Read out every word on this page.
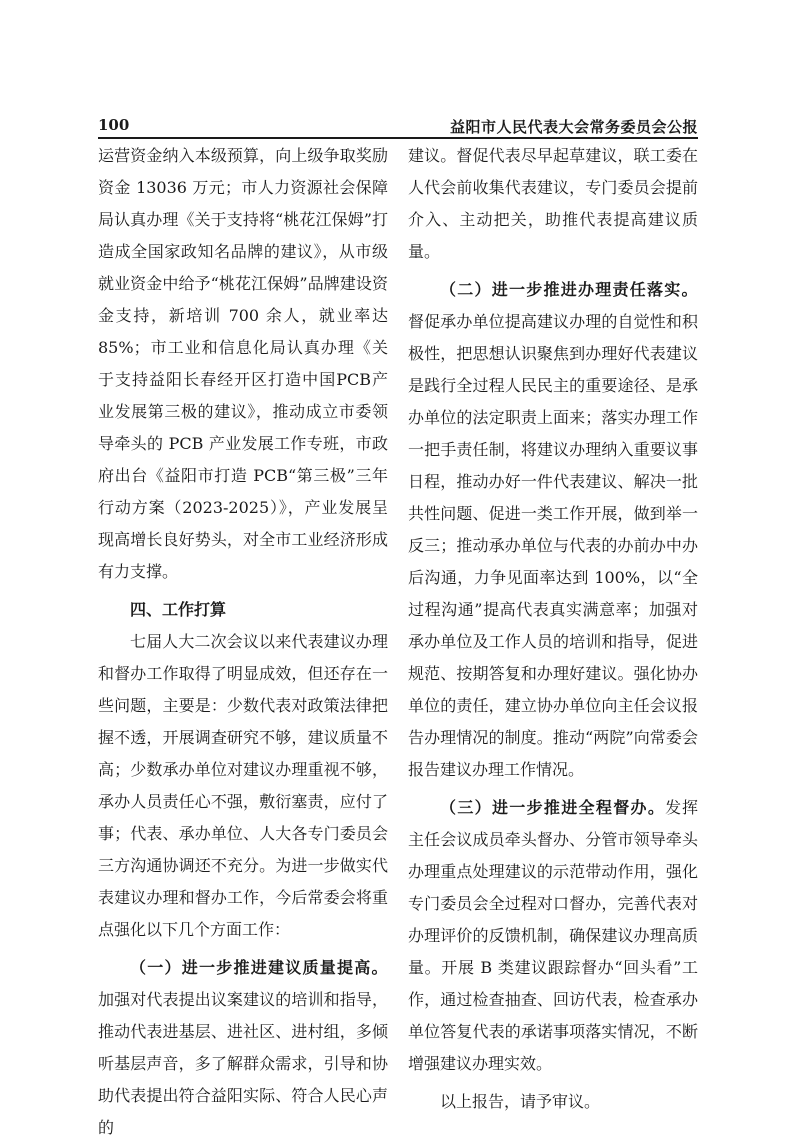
100	益阳市人民代表大会常务委员会公报

运营资金纳入本级预算，向上级争取奖励资金 13036 万元；市人力资源社会保障局认真办理《关于支持将“桃花江保姆”打造成全国家政知名品牌的建议》，从市级就业资金中给予“桃花江保姆”品牌建设资金支持，新培训 700 余人，就业率达 85%；市工业和信息化局认真办理《关于支持益阳长春经开区打造中国PCB产业发展第三极的建议》，推动成立市委领导牵头的 PCB 产业发展工作专班，市政府出台《益阳市打造 PCB“第三极”三年行动方案（2023-2025）》，产业发展呈现高增长良好势头，对全市工业经济形成有力支撑。

四、工作打算

七届人大二次会议以来代表建议办理和督办工作取得了明显成效，但还存在一些问题，主要是：少数代表对政策法律把握不透，开展调查研究不够，建议质量不高；少数承办单位对建议办理重视不够，承办人员责任心不强，敷衍塞责，应付了事；代表、承办单位、人大各专门委员会三方沟通协调还不充分。为进一步做实代表建议办理和督办工作，今后常委会将重点强化以下几个方面工作：

（一）进一步推进建议质量提高。加强对代表提出议案建议的培训和指导，推动代表进基层、进社区、进村组，多倾听基层声音，多了解群众需求，引导和协助代表提出符合益阳实际、符合人民心声的

建议。督促代表尽早起草建议，联工委在人代会前收集代表建议，专门委员会提前介入、主动把关，助推代表提高建议质量。

（二）进一步推进办理责任落实。督促承办单位提高建议办理的自觉性和积极性，把思想认识聚焦到办理好代表建议是践行全过程人民民主的重要途径、是承办单位的法定职责上面来；落实办理工作一把手责任制，将建议办理纳入重要议事日程，推动办好一件代表建议、解决一批共性问题、促进一类工作开展，做到举一反三；推动承办单位与代表的办前办中办后沟通，力争见面率达到 100%，以“全过程沟通”提高代表真实满意率；加强对承办单位及工作人员的培训和指导，促进规范、按期答复和办理好建议。强化协办单位的责任，建立协办单位向主任会议报告办理情况的制度。推动“两院”向常委会报告建议办理工作情况。

（三）进一步推进全程督办。发挥主任会议成员牵头督办、分管市领导牵头办理重点处理建议的示范带动作用，强化专门委员会全过程对口督办，完善代表对办理评价的反馈机制，确保建议办理高质量。开展 B 类建议跟踪督办“回头看”工作，通过检查抽查、回访代表，检查承办单位答复代表的承诺事项落实情况，不断增强建议办理实效。

以上报告，请予审议。
